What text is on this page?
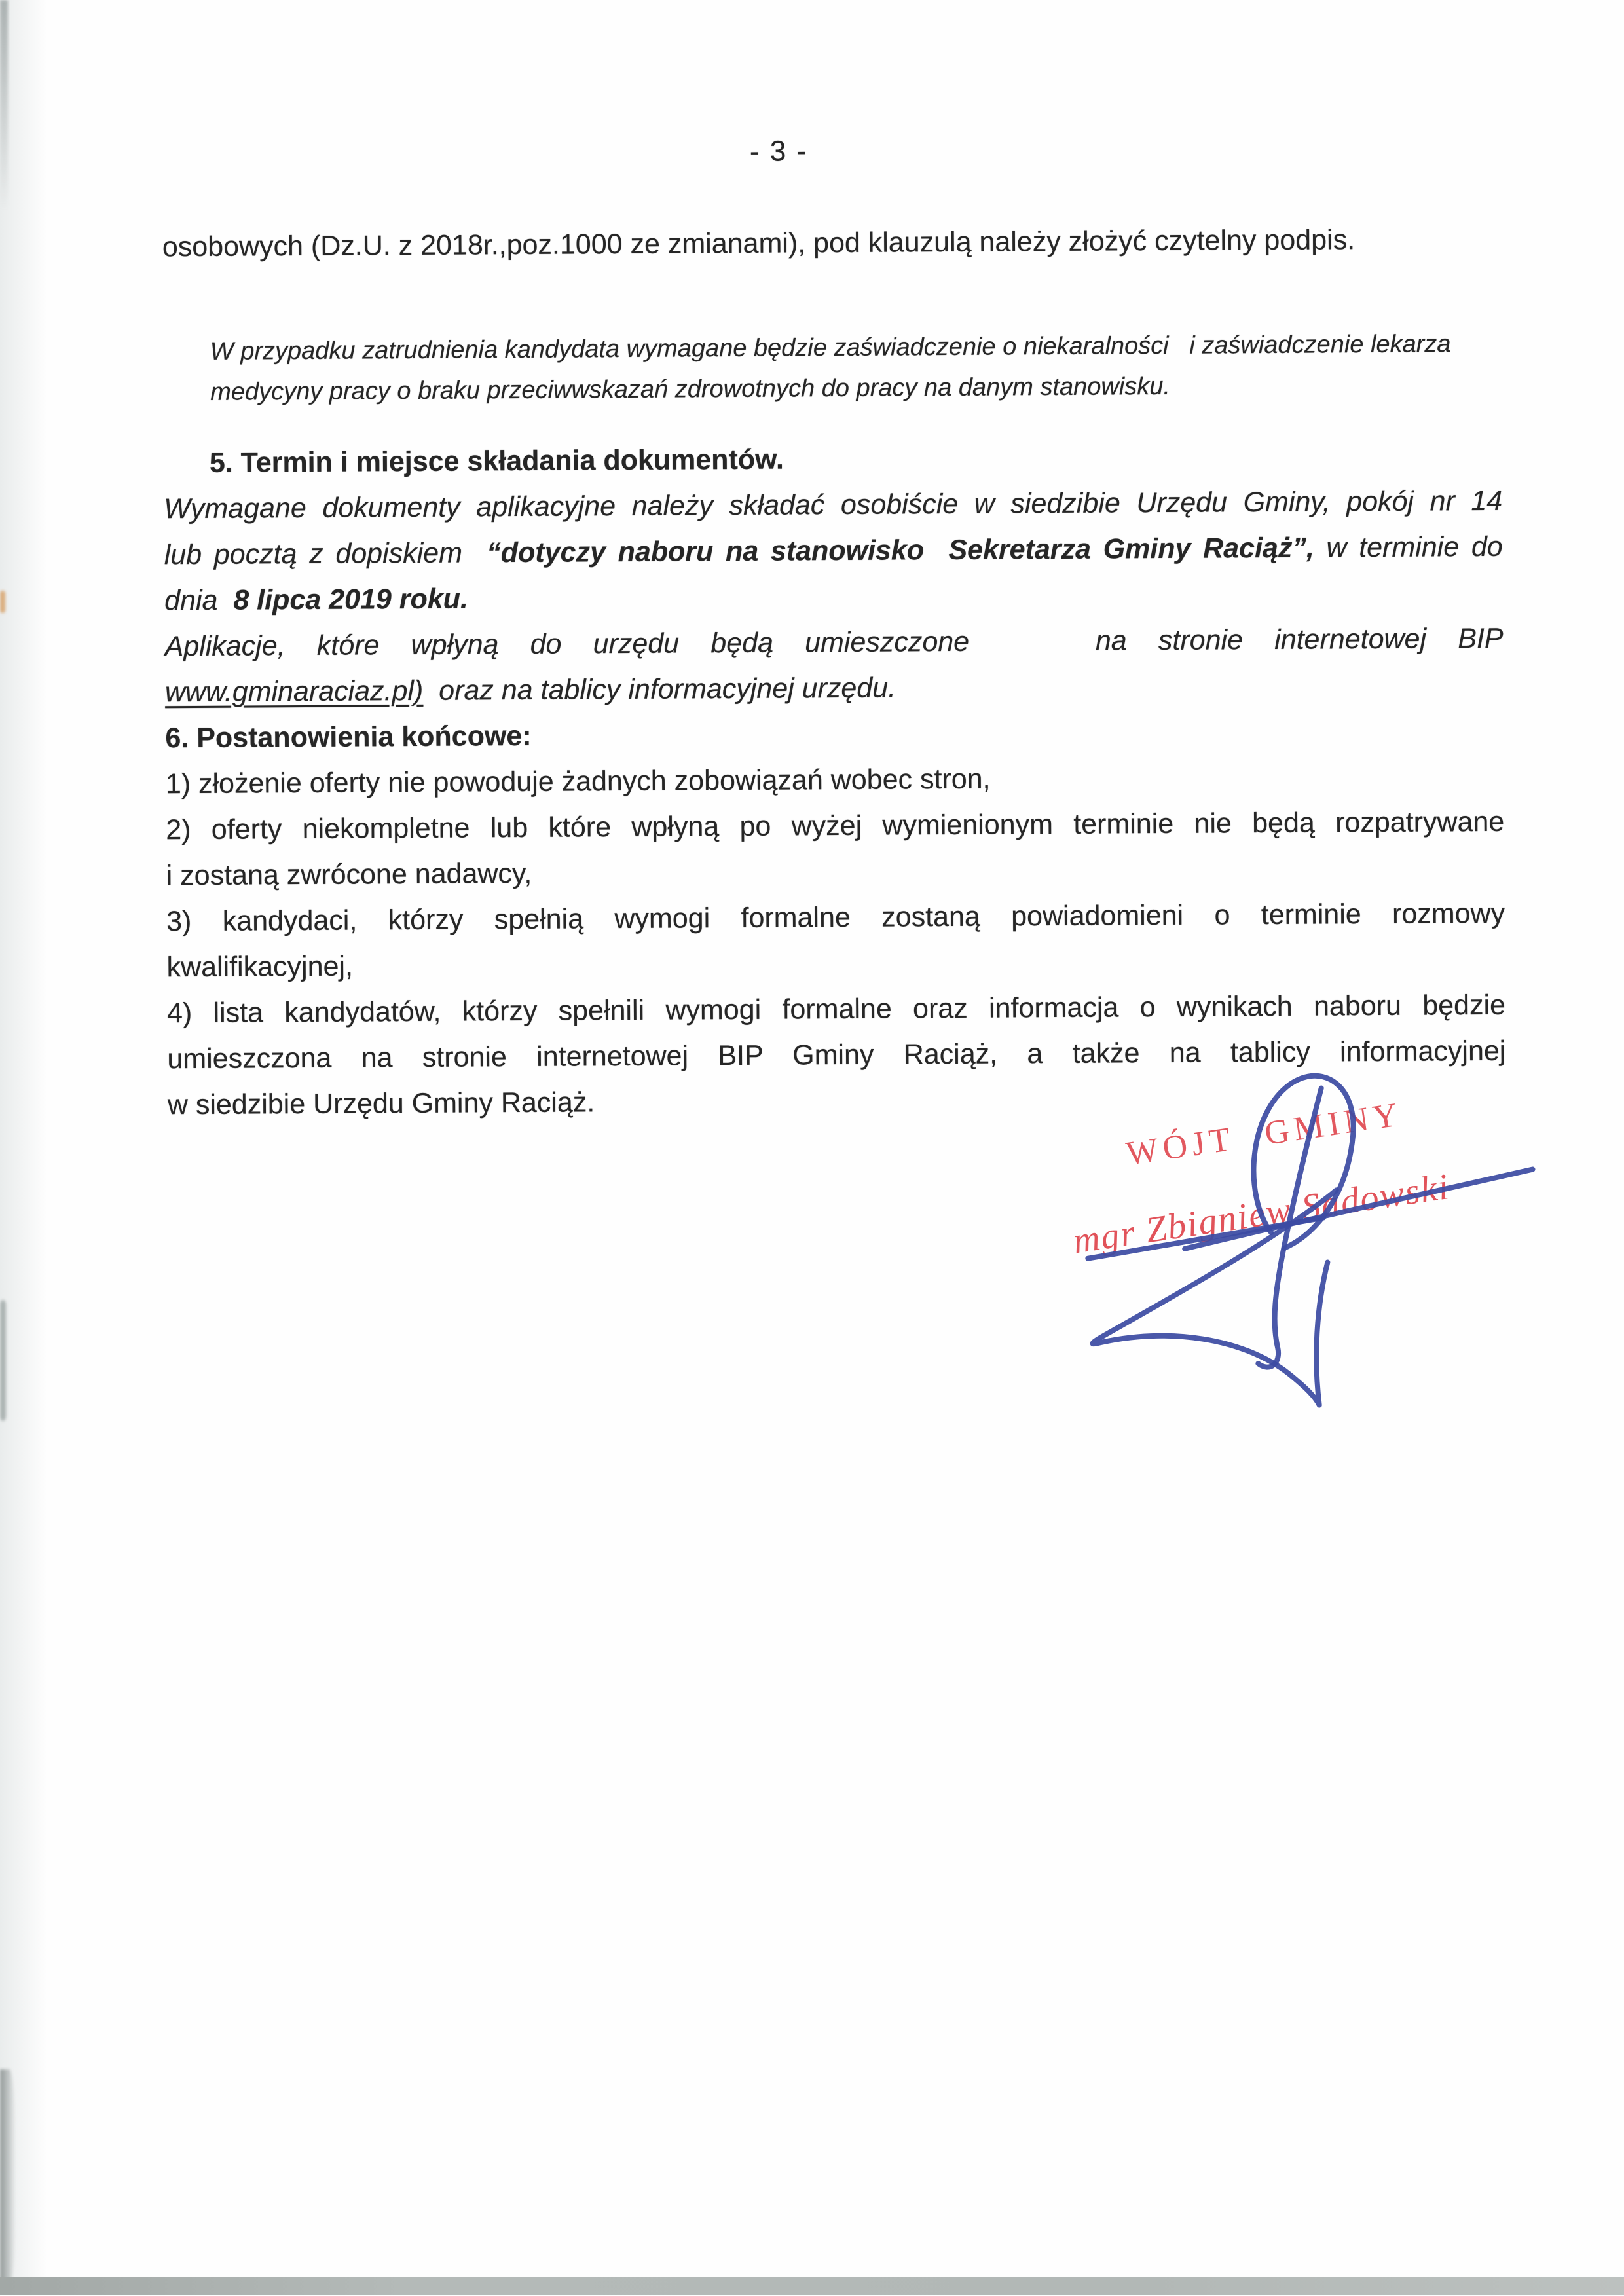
- 3 -
osobowych (Dz.U. z 2018r.,poz.1000 ze zmianami), pod klauzulą należy złożyć czytelny podpis.
W przypadku zatrudnienia kandydata wymagane będzie zaświadczenie o niekaralności   i zaświadczenie lekarza
medycyny pracy o braku przeciwwskazań zdrowotnych do pracy na danym stanowisku.
5. Termin i miejsce składania dokumentów.
Wymagane dokumenty aplikacyjne należy składać osobiście w siedzibie Urzędu Gminy, pokój nr 14
lub pocztą z dopiskiem  “dotyczy naboru na stanowisko  Sekretarza Gminy Raciąż”, w terminie do
dnia  8 lipca 2019 roku.
Aplikacje, które wpłyną do urzędu będą umieszczone    na stronie internetowej BIP
www.gminaraciaz.pl)  oraz na tablicy informacyjnej urzędu.
6. Postanowienia końcowe:
1) złożenie oferty nie powoduje żadnych zobowiązań wobec stron,
2) oferty niekompletne lub które wpłyną po wyżej wymienionym terminie nie będą rozpatrywane
i zostaną zwrócone nadawcy,
3) kandydaci, którzy spełnią wymogi formalne zostaną powiadomieni o terminie rozmowy
kwalifikacyjnej,
4) lista kandydatów, którzy spełnili wymogi formalne oraz informacja o wynikach naboru będzie
umieszczona na stronie internetowej BIP Gminy Raciąż, a także na tablicy informacyjnej
w siedzibie Urzędu Gminy Raciąż.	WÓJT GMINY
mgr Zbigniew Sadowski
